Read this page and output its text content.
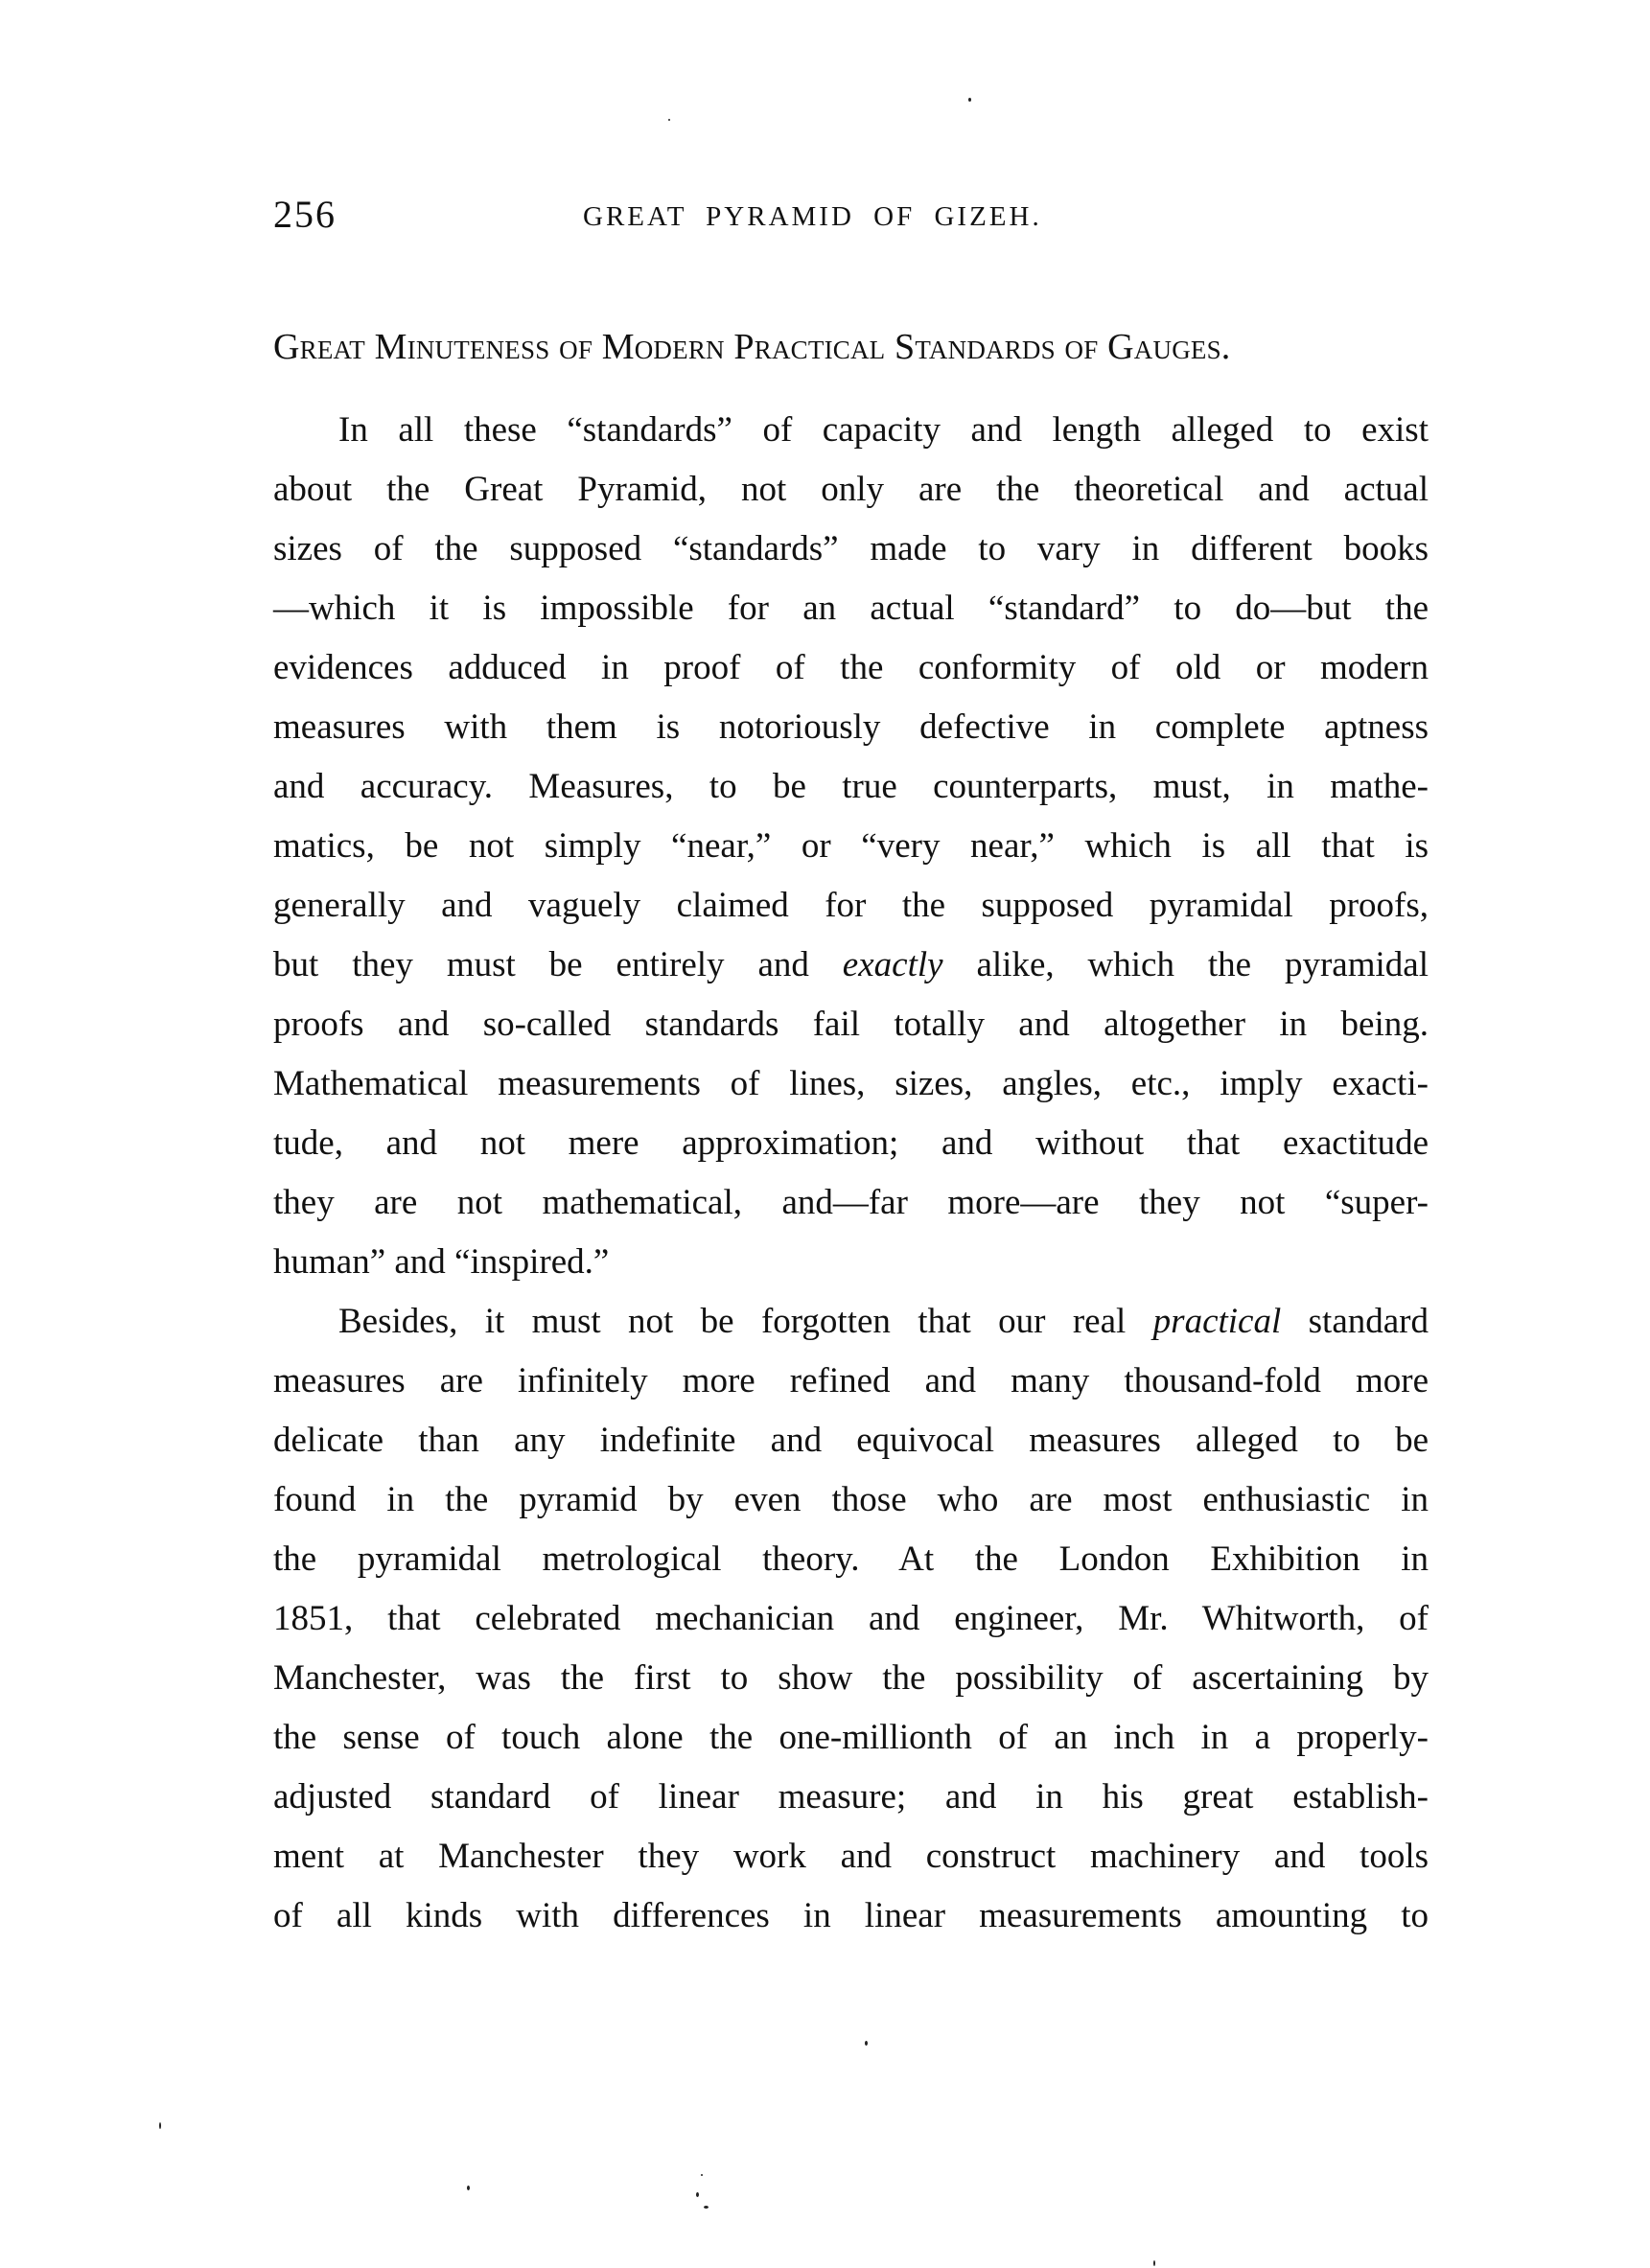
256	GREAT PYRAMID OF GIZEH.
Great Minuteness of Modern Practical Standards of Gauges.
In all these “standards” of capacity and length alleged to exist
about the Great Pyramid, not only are the theoretical and actual
sizes of the supposed “standards” made to vary in different books
—which it is impossible for an actual “standard” to do—but the
evidences adduced in proof of the conformity of old or modern
measures with them is notoriously defective in complete aptness
and accuracy. Measures, to be true counterparts, must, in mathe-
matics, be not simply “near,” or “very near,” which is all that is
generally and vaguely claimed for the supposed pyramidal proofs,
but they must be entirely and exactly alike, which the pyramidal
proofs and so-called standards fail totally and altogether in being.
Mathematical measurements of lines, sizes, angles, etc., imply exacti-
tude, and not mere approximation; and without that exactitude
they are not mathematical, and—far more—are they not “super-
human” and “inspired.”
Besides, it must not be forgotten that our real practical standard
measures are infinitely more refined and many thousand-fold more
delicate than any indefinite and equivocal measures alleged to be
found in the pyramid by even those who are most enthusiastic in
the pyramidal metrological theory. At the London Exhibition in
1851, that celebrated mechanician and engineer, Mr. Whitworth, of
Manchester, was the first to show the possibility of ascertaining by
the sense of touch alone the one-millionth of an inch in a properly-
adjusted standard of linear measure; and in his great establish-
ment at Manchester they work and construct machinery and tools
of all kinds with differences in linear measurements amounting to
